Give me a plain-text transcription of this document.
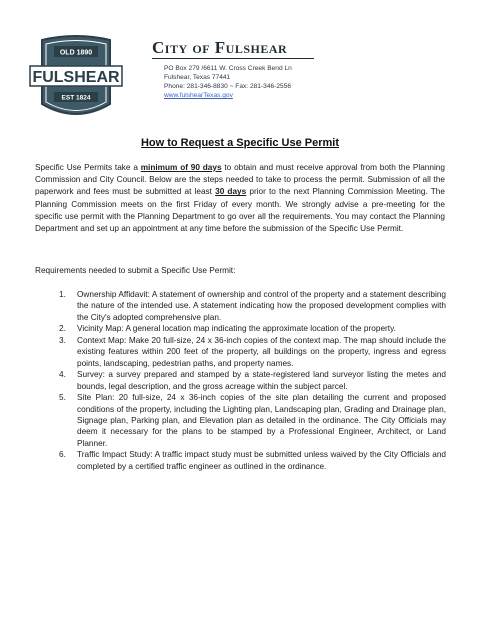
OLD 1890
FULSHEAR
EST 1824
City of Fulshear
PO Box 279 /6611 W. Cross Creek Bend Ln
Fulshear, Texas 77441
Phone: 281-346-8830 ~ Fax: 281-346-2556
www.fulshearTexas.gov
How to Request a Specific Use Permit
Specific Use Permits take a minimum of 90 days to obtain and must receive approval from both the Planning Commission and City Council. Below are the steps needed to take to process the permit. Submission of all the paperwork and fees must be submitted at least 30 days prior to the next Planning Commission Meeting. The Planning Commission meets on the first Friday of every month. We strongly advise a pre-meeting for the specific use permit with the Planning Department to go over all the requirements. You may contact the Planning Department and set up an appointment at any time before the submission of the Specific Use Permit.
Requirements needed to submit a Specific Use Permit:
1. Ownership Affidavit: A statement of ownership and control of the property and a statement describing the nature of the intended use. A statement indicating how the proposed development complies with the City's adopted comprehensive plan.
2. Vicinity Map: A general location map indicating the approximate location of the property.
3. Context Map: Make 20 full-size, 24 x 36-inch copies of the context map. The map should include the existing features within 200 feet of the property, all buildings on the property, ingress and egress points, landscaping, pedestrian paths, and property names.
4. Survey: a survey prepared and stamped by a state-registered land surveyor listing the metes and bounds, legal description, and the gross acreage within the subject parcel.
5. Site Plan: 20 full-size, 24 x 36-inch copies of the site plan detailing the current and proposed conditions of the property, including the Lighting plan, Landscaping plan, Grading and Drainage plan, Signage plan, Parking plan, and Elevation plan as detailed in the ordinance. The City Officials may deem it necessary for the plans to be stamped by a Professional Engineer, Architect, or Land Planner.
6. Traffic Impact Study: A traffic impact study must be submitted unless waived by the City Officials and completed by a certified traffic engineer as outlined in the ordinance.
